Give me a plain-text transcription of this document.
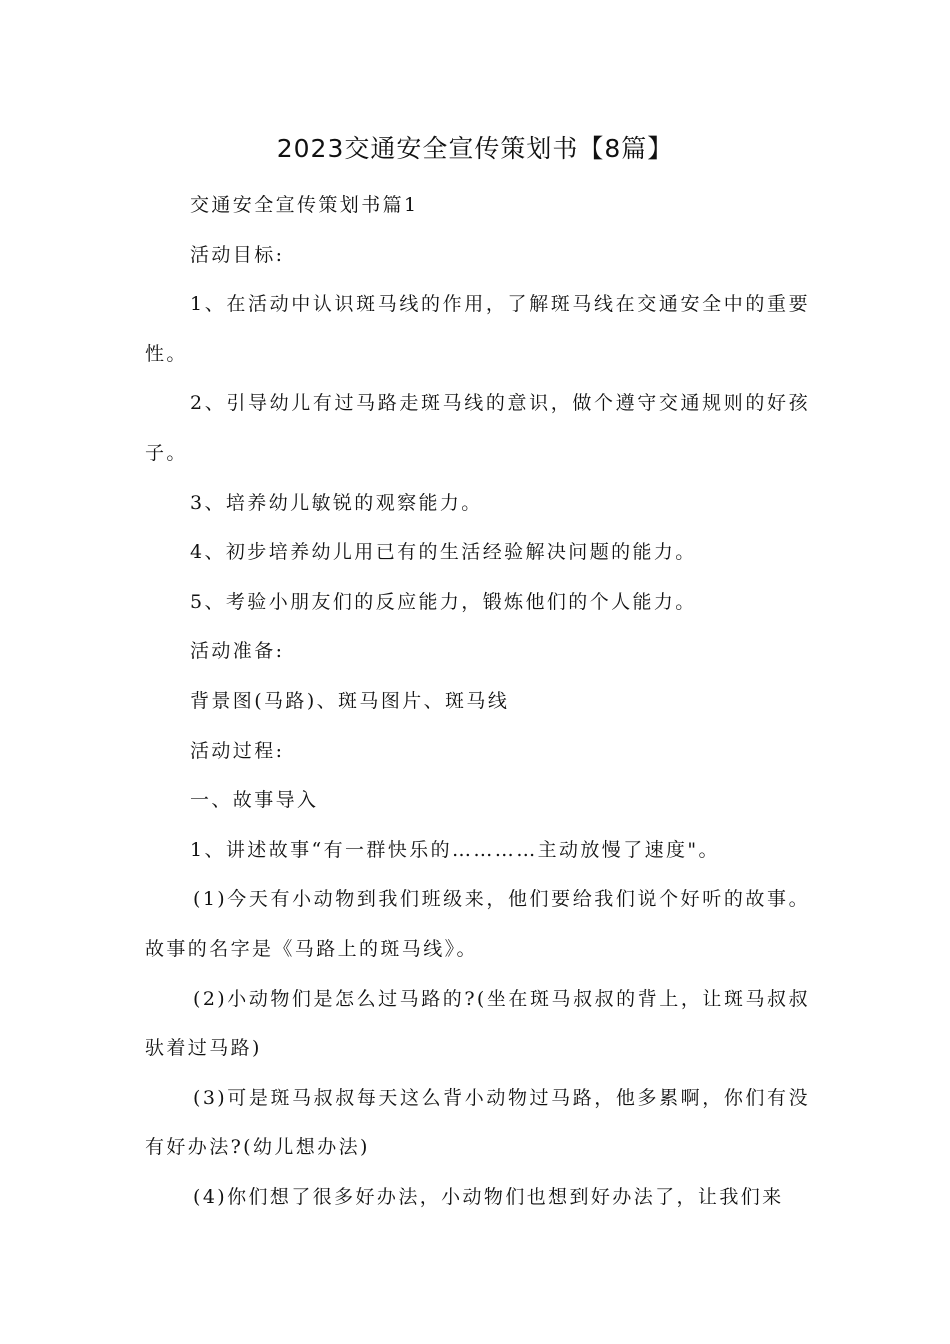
2023交通安全宣传策划书【8篇】

交通安全宣传策划书篇1

活动目标:

1、在活动中认识斑马线的作用，了解斑马线在交通安全中的重要性。

2、引导幼儿有过马路走斑马线的意识，做个遵守交通规则的好孩子。

3、培养幼儿敏锐的观察能力。

4、初步培养幼儿用已有的生活经验解决问题的能力。

5、考验小朋友们的反应能力，锻炼他们的个人能力。

活动准备:

背景图(马路)、斑马图片、斑马线

活动过程:

一、故事导入

1、讲述故事“有一群快乐的…………主动放慢了速度"。

(1)今天有小动物到我们班级来，他们要给我们说个好听的故事。故事的名字是《马路上的斑马线》。

(2)小动物们是怎么过马路的?(坐在斑马叔叔的背上，让斑马叔叔驮着过马路)

(3)可是斑马叔叔每天这么背小动物过马路，他多累啊，你们有没有好办法?(幼儿想办法)

(4)你们想了很多好办法，小动物们也想到好办法了，让我们来
